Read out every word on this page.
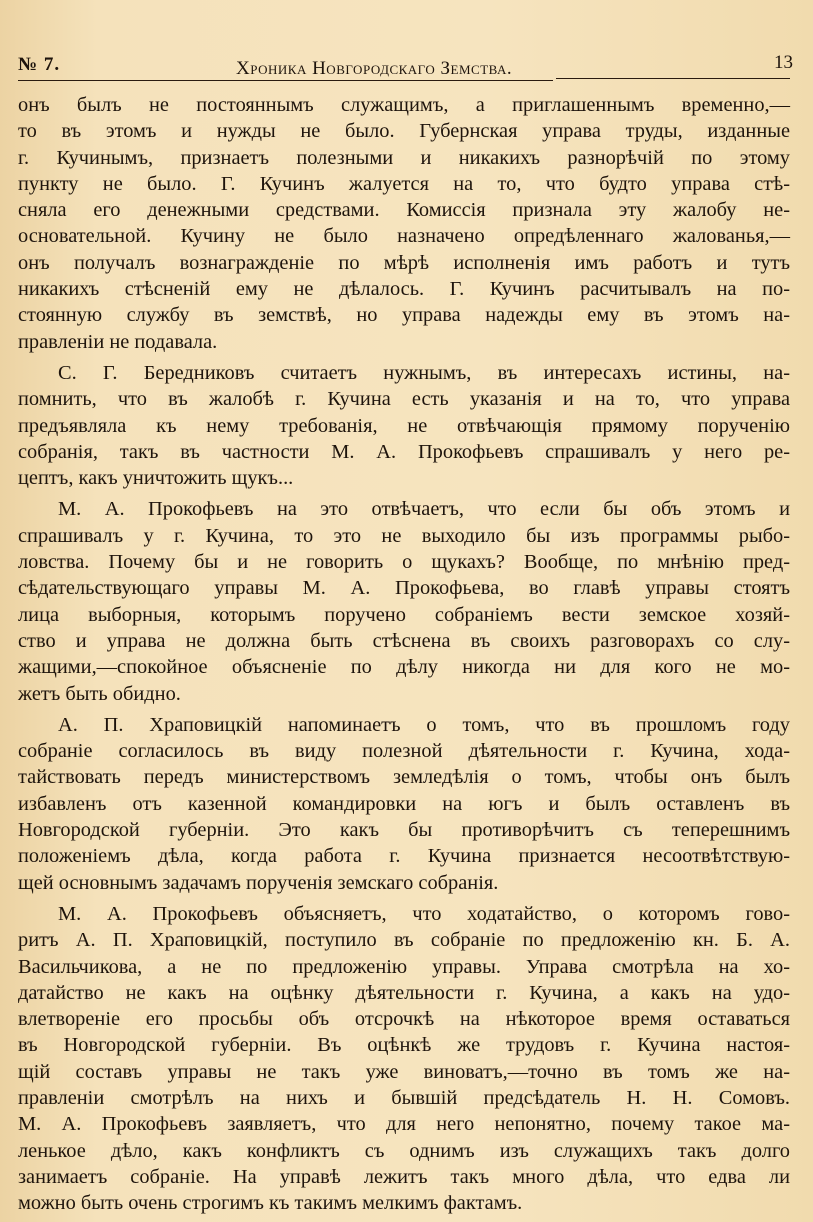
№ 7.	Хроника Новгородскаго Земства.	13
онъ былъ не постояннымъ служащимъ, а приглашеннымъ временно,—
то въ этомъ и нужды не было. Губернская управа труды, изданные
г. Кучинымъ, признаетъ полезными и никакихъ разнорѣчій по этому
пункту не было. Г. Кучинъ жалуется на то, что будто управа стѣ-
сняла его денежными средствами. Комиссія признала эту жалобу не-
основательной. Кучину не было назначено опредѣленнаго жалованья,—
онъ получалъ вознагражденіе по мѣрѣ исполненія имъ работъ и тутъ
никакихъ стѣсненій ему не дѣлалось. Г. Кучинъ расчитывалъ на по-
стоянную службу въ земствѣ, но управа надежды ему въ этомъ на-
правленіи не подавала.
С. Г. Бередниковъ считаетъ нужнымъ, въ интересахъ истины, на-
помнить, что въ жалобѣ г. Кучина есть указанія и на то, что управа
предъявляла къ нему требованія, не отвѣчающія прямому порученію
собранія, такъ въ частности М. А. Прокофьевъ спрашивалъ у него ре-
цептъ, какъ уничтожить щукъ...
М. А. Прокофьевъ на это отвѣчаетъ, что если бы объ этомъ и
спрашивалъ у г. Кучина, то это не выходило бы изъ программы рыбо-
ловства. Почему бы и не говорить о щукахъ? Вообще, по мнѣнію пред-
сѣдательствующаго управы М. А. Прокофьева, во главѣ управы стоятъ
лица выборныя, которымъ поручено собраніемъ вести земское хозяй-
ство и управа не должна быть стѣснена въ своихъ разговорахъ со слу-
жащими,—спокойное объясненіе по дѣлу никогда ни для кого не мо-
жетъ быть обидно.
А. П. Храповицкій напоминаетъ о томъ, что въ прошломъ году
собраніе согласилось въ виду полезной дѣятельности г. Кучина, хода-
тайствовать передъ министерствомъ земледѣлія о томъ, чтобы онъ былъ
избавленъ отъ казенной командировки на югъ и былъ оставленъ въ
Новгородской губерніи. Это какъ бы противорѣчитъ съ теперешнимъ
положеніемъ дѣла, когда работа г. Кучина признается несоотвѣтствую-
щей основнымъ задачамъ порученія земскаго собранія.
М. А. Прокофьевъ объясняетъ, что ходатайство, о которомъ гово-
ритъ А. П. Храповицкій, поступило въ собраніе по предложенію кн. Б. А.
Васильчикова, а не по предложенію управы. Управа смотрѣла на хо-
датайство не какъ на оцѣнку дѣятельности г. Кучина, а какъ на удо-
влетвореніе его просьбы объ отсрочкѣ на нѣкоторое время оставаться
въ Новгородской губерніи. Въ оцѣнкѣ же трудовъ г. Кучина настоя-
щій составъ управы не такъ уже виноватъ,—точно въ томъ же на-
правленіи смотрѣлъ на нихъ и бывшій предсѣдатель Н. Н. Сомовъ.
М. А. Прокофьевъ заявляетъ, что для него непонятно, почему такое ма-
ленькое дѣло, какъ конфликтъ съ однимъ изъ служащихъ такъ долго
занимаетъ собраніе. На управѣ лежитъ такъ много дѣла, что едва ли
можно быть очень строгимъ къ такимъ мелкимъ фактамъ.
